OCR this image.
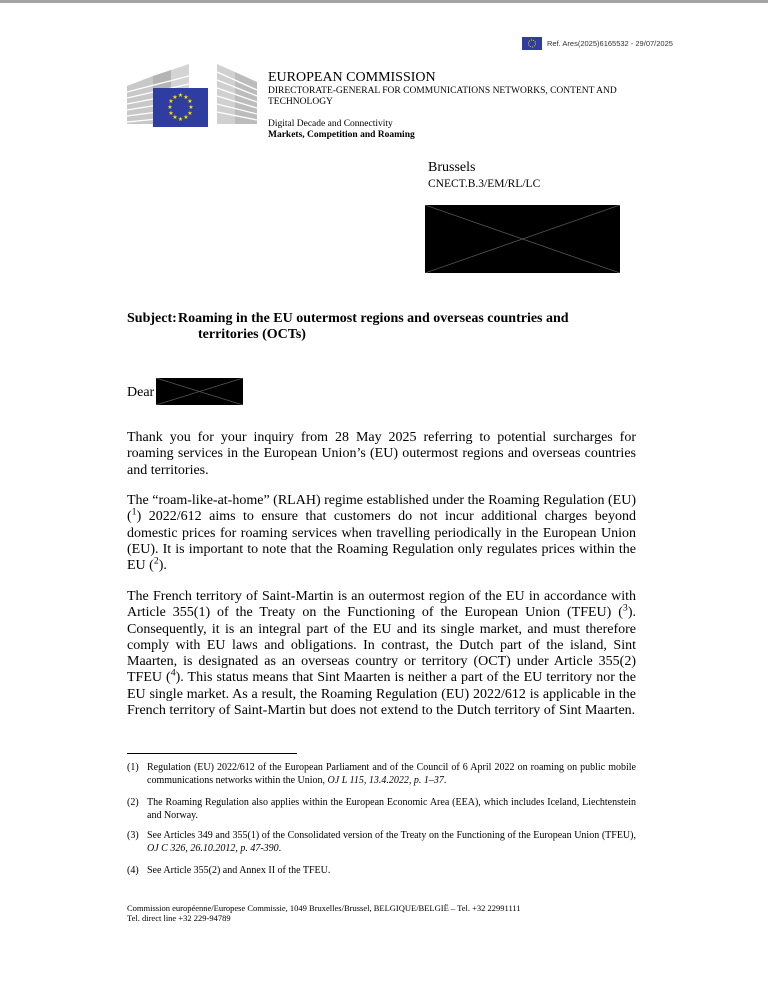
Ref. Ares(2025)6165532 - 29/07/2025
★ ★
★
★
★
★
★
★
★
★
★
★
EUROPEAN COMMISSION
DIRECTORATE-GENERAL FOR COMMUNICATIONS NETWORKS, CONTENT AND TECHNOLOGY
Digital Decade and Connectivity
Markets, Competition and Roaming
Brussels
CNECT.B.3/EM/RL/LC
Subject: Roaming in the EU outermost regions and overseas countries and
territories (OCTs)
Dear
Thank you for your inquiry from 28 May 2025 referring to potential surcharges for roaming services in the European Union’s (EU) outermost regions and overseas countries and territories.
The “roam-like-at-home” (RLAH) regime established under the Roaming Regulation (EU) ($^1$) 2022/612 aims to ensure that customers do not incur additional charges beyond domestic prices for roaming services when travelling periodically in the European Union (EU). It is important to note that the Roaming Regulation only regulates prices within the EU ($^2$).
The French territory of Saint-Martin is an outermost region of the EU in accordance with Article 355(1) of the Treaty on the Functioning of the European Union (TFEU) ($^3$). Consequently, it is an integral part of the EU and its single market, and must therefore comply with EU laws and obligations. In contrast, the Dutch part of the island, Sint Maarten, is designated as an overseas country or territory (OCT) under Article 355(2) TFEU ($^4$). This status means that Sint Maarten is neither a part of the EU territory nor the EU single market. As a result, the Roaming Regulation (EU) 2022/612 is applicable in the French territory of Saint-Martin but does not extend to the Dutch territory of Sint Maarten.
(1) Regulation (EU) 2022/612 of the European Parliament and of the Council of 6 April 2022 on roaming on public mobile communications networks within the Union, OJ L 115, 13.4.2022, p. 1–37.
(2) The Roaming Regulation also applies within the European Economic Area (EEA), which includes Iceland, Liechtenstein and Norway.
(3) See Articles 349 and 355(1) of the Consolidated version of the Treaty on the Functioning of the European Union (TFEU), OJ C 326, 26.10.2012, p. 47-390.
(4) See Article 355(2) and Annex II of the TFEU.
Commission européenne/Europese Commissie, 1049 Bruxelles/Brussel, BELGIQUE/BELGIË – Tel. +32 22991111
Tel. direct line +32 229-94789
